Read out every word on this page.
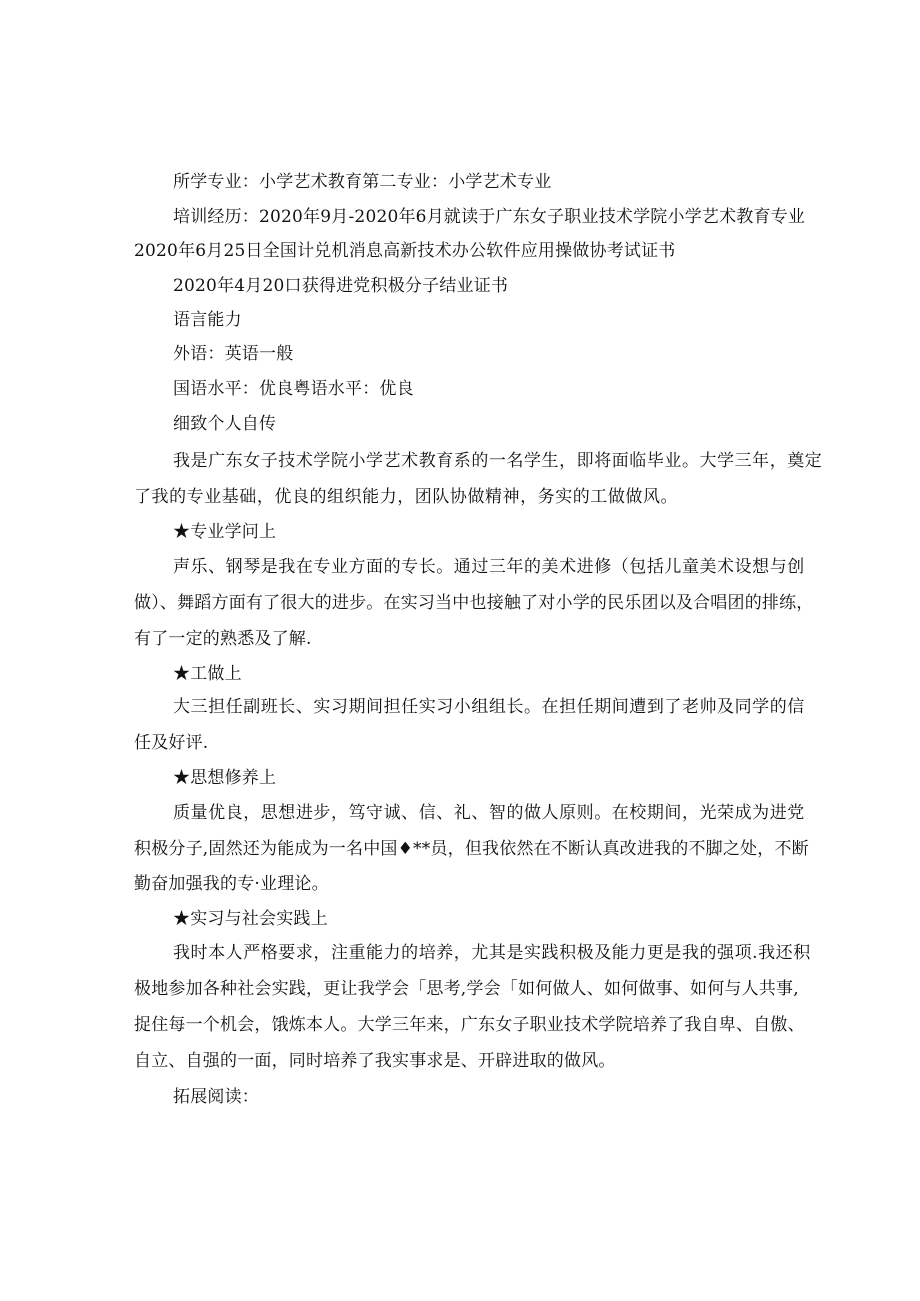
所学专业：小学艺术教育第二专业：小学艺术专业
培训经历：2020年9月-2020年6月就读于广东女子职业技术学院小学艺术教育专业
2020年6月25日全国计兑机消息高新技术办公软件应用操做协考试证书
2020年4月20口获得进党积极分子结业证书
语言能力
外语：英语一般
国语水平：优良粤语水平：优良
细致个人自传
我是广东女子技术学院小学艺术教育系的一名学生，即将面临毕业。大学三年，奠定
了我的专业基础，优良的组织能力，团队协做精神，务实的工做做风。
★专业学问上
声乐、钢琴是我在专业方面的专长。通过三年的美术进修（包括儿童美术设想与创
做）、舞蹈方面有了很大的进步。在实习当中也接触了对小学的民乐团以及合唱团的排练，
有了一定的熟悉及了解.
★工做上
大三担任副班长、实习期间担任实习小组组长。在担任期间遭到了老帅及同学的信
任及好评.
★思想修养上
质量优良，思想进步，笃守诚、信、礼、智的做人原则。在校期间，光荣成为进党
积极分子,固然还为能成为一名中国♦**员，但我依然在不断认真改进我的不脚之处，不断
勤奋加强我的专·业理论。
★实习与社会实践上
我时本人严格要求，注重能力的培养，尤其是实践积极及能力更是我的强项.我还积
极地参加各种社会实践，更让我学会「思考,学会「如何做人、如何做事、如何与人共事,
捉住每一个机会，饿炼本人。大学三年来，广东女子职业技术学院培养了我自卑、自傲、
自立、自强的一面，同时培养了我实事求是、开辟进取的做风。
拓展阅读：
